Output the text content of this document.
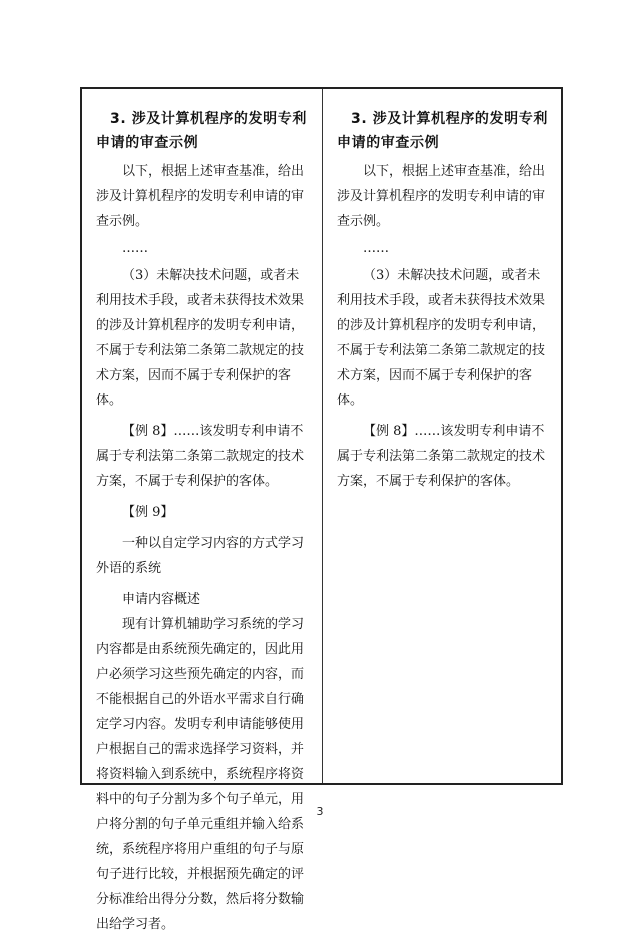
3. 涉及计算机程序的发明专利申请的审查示例

以下，根据上述审查基准，给出涉及计算机程序的发明专利申请的审查示例。

……

（3）未解决技术问题，或者未利用技术手段，或者未获得技术效果的涉及计算机程序的发明专利申请，不属于专利法第二条第二款规定的技术方案，因而不属于专利保护的客体。

【例 8】……该发明专利申请不属于专利法第二条第二款规定的技术方案，不属于专利保护的客体。

【例 9】

一种以自定学习内容的方式学习外语的系统

申请内容概述

现有计算机辅助学习系统的学习内容都是由系统预先确定的，因此用户必须学习这些预先确定的内容，而不能根据自己的外语水平需求自行确定学习内容。发明专利申请能够使用户根据自己的需求选择学习资料，并将资料输入到系统中，系统程序将资料中的句子分割为多个句子单元，用户将分割的句子单元重组并输入给系统，系统程序将用户重组的句子与原句子进行比较，并根据预先确定的评分标准给出得分分数，然后将分数输出给学习者。

3. 涉及计算机程序的发明专利申请的审查示例

以下，根据上述审查基准，给出涉及计算机程序的发明专利申请的审查示例。

……

（3）未解决技术问题，或者未利用技术手段，或者未获得技术效果的涉及计算机程序的发明专利申请，不属于专利法第二条第二款规定的技术方案，因而不属于专利保护的客体。

【例 8】……该发明专利申请不属于专利法第二条第二款规定的技术方案，不属于专利保护的客体。

3
